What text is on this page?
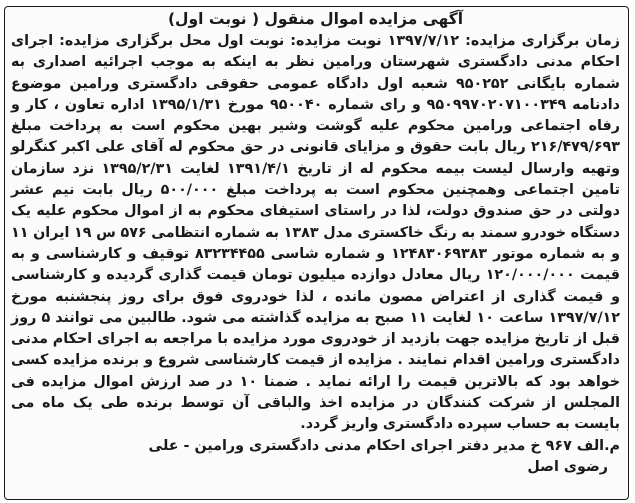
آگهی مزایده اموال منقول ( نوبت اول)

زمان برگزاری مزایده: ۱۳۹۷/۷/۱۲ نوبت مزایده: نوبت اول محل برگزاری مزایده: اجرای احکام مدنی دادگستری شهرستان ورامین نظر به اینکه به موجب اجرائیه اصداری به شماره بایگانی ۹۵۰۲۵۲ شعبه اول دادگاه عمومی حقوقی دادگستری ورامین موضوع دادنامه ۹۵۰۹۹۷۰۲۰۷۱۰۰۳۴۹ و رای شماره ۹۵۰۰۴۰ مورخ ۱۳۹۵/۱/۳۱ اداره تعاون ، کار و رفاه اجتماعی ورامین محکوم علیه گوشت وشیر بهین محکوم است به پرداخت مبلغ ۲۱۶/۴۷۹/۶۹۳ ریال بابت حقوق و مزایای قانونی در حق محکوم له آقای علی اکبر کنگرلو وتهیه وارسال لیست بیمه محکوم له از تاریخ ۱۳۹۱/۴/۱ لغایت ۱۳۹۵/۲/۳۱ نزد سازمان تامین اجتماعی وهمچنین محکوم است به پرداخت مبلغ ۵۰۰/۰۰۰ ریال بابت نیم عشر دولتی در حق صندوق دولت، لذا در راستای استیفای محکوم به از اموال محکوم علیه یک دستگاه خودرو سمند به رنگ خاکستری مدل ۱۳۸۳ به شماره انتظامی ۵۷۶ س ۱۹ ایران ۱۱ و به شماره موتور ۱۲۴۸۳۰۶۹۳۸۳ و شماره شاسی ۸۳۲۳۴۴۵۵ توقیف و کارشناسی و به قیمت ۱۲۰/۰۰۰/۰۰۰ ریال معادل دوازده میلیون تومان قیمت گذاری گردیده و کارشناسی و قیمت گذاری از اعتراض مصون مانده ، لذا خودروی فوق برای روز پنجشنبه مورخ ۱۳۹۷/۷/۱۲ ساعت ۱۰ لغایت ۱۱ صبح به مزایده گذاشته می شود. طالبین می توانند ۵ روز قبل از تاریخ مزایده جهت بازدید از خودروی مورد مزایده با مراجعه به اجرای احکام مدنی دادگستری ورامین اقدام نمایند . مزایده از قیمت کارشناسی شروع و برنده مزایده کسی خواهد بود که بالاترین قیمت را ارائه نماید . ضمنا ۱۰ در صد ارزش اموال مزایده فی المجلس از شرکت کنندگان در مزایده اخذ والباقی آن توسط برنده طی یک ماه می بایست به حساب سپرده دادگستری واریز گردد.

م.الف ۹۶۷ خ مدیر دفتر اجرای احکام مدنی دادگستری ورامین - علی
رضوی اصل
